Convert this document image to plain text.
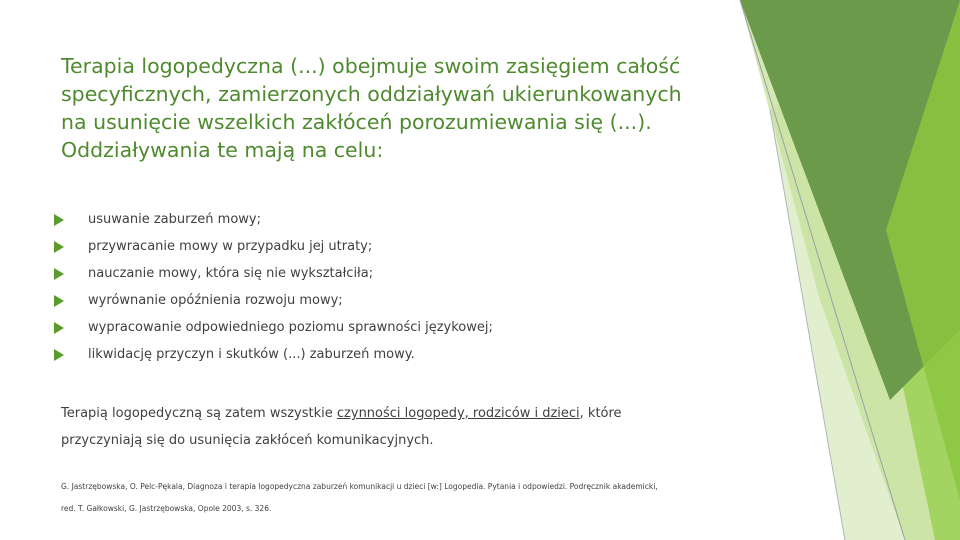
Terapia logopedyczna (...) obejmuje swoim zasięgiem całość
specyficznych, zamierzonych oddziaływań ukierunkowanych
na usunięcie wszelkich zakłóceń porozumiewania się (...).
Oddziaływania te mają na celu:
usuwanie zaburzeń mowy;
przywracanie mowy w przypadku jej utraty;
nauczanie mowy, która się nie wykształciła;
wyrównanie opóźnienia rozwoju mowy;
wypracowanie odpowiedniego poziomu sprawności językowej;
likwidację przyczyn i skutków (...) zaburzeń mowy.
Terapią logopedyczną są zatem wszystkie czynności logopedy, rodziców i dzieci, które
przyczyniają się do usunięcia zakłóceń komunikacyjnych.
G. Jastrzębowska, O. Pelc-Pękala, Diagnoza i terapia logopedyczna zaburzeń komunikacji u dzieci [w:] Logopedia. Pytania i odpowiedzi. Podręcznik akademicki,
red. T. Gałkowski, G. Jastrzębowska, Opole 2003, s. 326.
